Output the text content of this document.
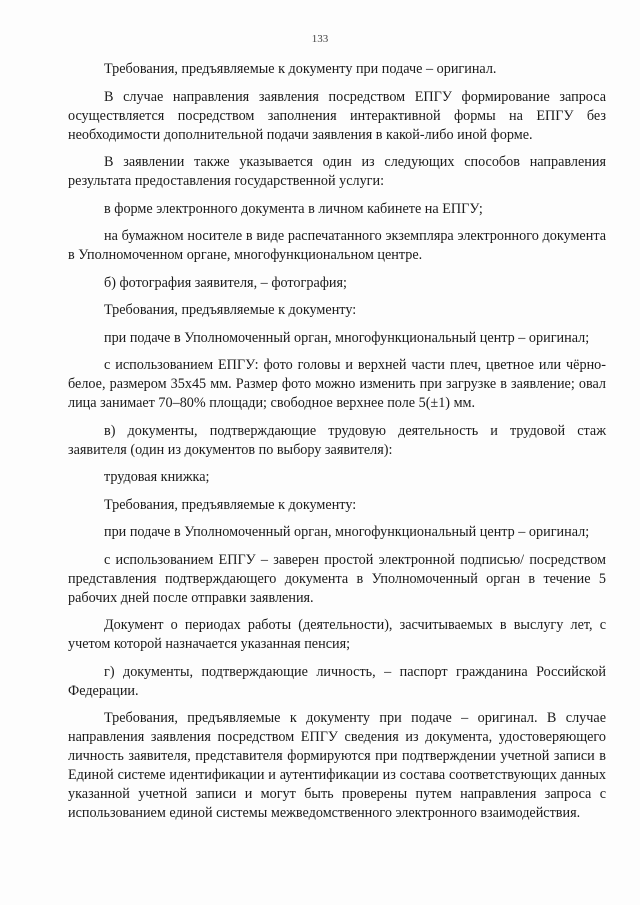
133

Требования, предъявляемые к документу при подаче – оригинал.

В случае направления заявления посредством ЕПГУ формирование запроса осуществляется посредством заполнения интерактивной формы на ЕПГУ без необходимости дополнительной подачи заявления в какой-либо иной форме.

В заявлении также указывается один из следующих способов направления результата предоставления государственной услуги:

в форме электронного документа в личном кабинете на ЕПГУ;

на бумажном носителе в виде распечатанного экземпляра электронного документа в Уполномоченном органе, многофункциональном центре.

б) фотография заявителя, – фотография;

Требования, предъявляемые к документу:

при подаче в Уполномоченный орган, многофункциональный центр – оригинал;

с использованием ЕПГУ: фото головы и верхней части плеч, цветное или чёрно-белое, размером 35х45 мм. Размер фото можно изменить при загрузке в заявление; овал лица занимает 70–80% площади; свободное верхнее поле 5(±1) мм.

в) документы, подтверждающие трудовую деятельность и трудовой стаж заявителя (один из документов по выбору заявителя):

трудовая книжка;

Требования, предъявляемые к документу:

при подаче в Уполномоченный орган, многофункциональный центр – оригинал;

с использованием ЕПГУ – заверен простой электронной подписью/ посредством представления подтверждающего документа в Уполномоченный орган в течение 5 рабочих дней после отправки заявления.

Документ о периодах работы (деятельности), засчитываемых в выслугу лет, с учетом которой назначается указанная пенсия;

г) документы, подтверждающие личность, – паспорт гражданина Российской Федерации.

Требования, предъявляемые к документу при подаче – оригинал. В случае направления заявления посредством ЕПГУ сведения из документа, удостоверяющего личность заявителя, представителя формируются при подтверждении учетной записи в Единой системе идентификации и аутентификации из состава соответствующих данных указанной учетной записи и могут быть проверены путем направления запроса с использованием единой системы межведомственного электронного взаимодействия.
